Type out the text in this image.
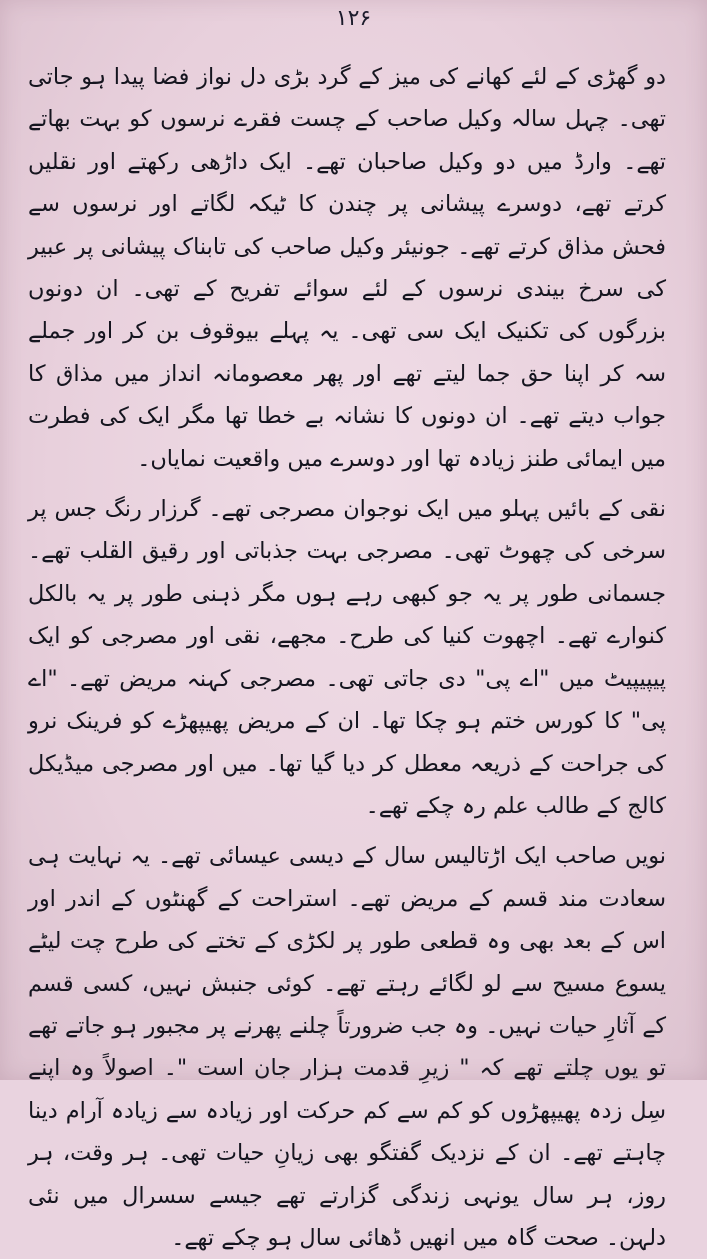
۱۲۶

دو گھڑی کے لئے کھانے کی میز کے گرد بڑی دل نواز فضا پیدا ہو جاتی تھی۔ چہل سالہ وکیل صاحب کے چست فقرے نرسوں کو بہت بھاتے تھے۔ وارڈ میں دو وکیل صاحبان تھے۔ ایک داڑھی رکھتے اور نقلیں کرتے تھے، دوسرے پیشانی پر چندن کا ٹیکہ لگاتے اور نرسوں سے فحش مذاق کرتے تھے۔ جونیئر وکیل صاحب کی تابناک پیشانی پر عبیر کی سرخ بیندی نرسوں کے لئے سوائے تفریح کے تھی۔ ان دونوں بزرگوں کی تکنیک ایک سی تھی۔ یہ پہلے بیوقوف بن کر اور جملے سہ کر اپنا حق جما لیتے تھے اور پھر معصومانہ انداز میں مذاق کا جواب دیتے تھے۔ ان دونوں کا نشانہ بے خطا تھا مگر ایک کی فطرت میں ایمائی طنز زیادہ تھا اور دوسرے میں واقعیت نمایاں۔

نقی کے بائیں پہلو میں ایک نوجوان مصرجی تھے۔ گرزار رنگ جس پر سرخی کی چھوٹ تھی۔ مصرجی بہت جذباتی اور رقیق القلب تھے۔ جسمانی طور پر یہ جو کبھی رہے ہوں مگر ذہنی طور پر یہ بالکل کنوارے تھے۔ اچھوت کنیا کی طرح۔ مجھے، نقی اور مصرجی کو ایک پیپیپیٹ میں "اے پی" دی جاتی تھی۔ مصرجی کہنہ مریض تھے۔ "اے پی" کا کورس ختم ہو چکا تھا۔ ان کے مریض پھیپھڑے کو فرینک نرو کی جراحت کے ذریعہ معطل کر دیا گیا تھا۔ میں اور مصرجی میڈیکل کالج کے طالب علم رہ چکے تھے۔

نویں صاحب ایک اڑتالیس سال کے دیسی عیسائی تھے۔ یہ نہایت ہی سعادت مند قسم کے مریض تھے۔ استراحت کے گھنٹوں کے اندر اور اس کے بعد بھی وہ قطعی طور پر لکڑی کے تختے کی طرح چت لیٹے یسوع مسیح سے لو لگائے رہتے تھے۔ کوئی جنبش نہیں، کسی قسم کے آثارِ حیات نہیں۔ وہ جب ضرورتاً چلنے پھرنے پر مجبور ہو جاتے تھے تو یوں چلتے تھے کہ " زیرِ قدمت ہزار جان است "۔ اصولاً وہ اپنے سِل زدہ پھیپھڑوں کو کم سے کم حرکت اور زیادہ سے زیادہ آرام دینا چاہتے تھے۔ ان کے نزدیک گفتگو بھی زیانِ حیات تھی۔ ہر وقت، ہر روز، ہر سال یونہی زندگی گزارتے تھے جیسے سسرال میں نئی دلہن۔ صحت گاہ میں انھیں ڈھائی سال ہو چکے تھے۔
